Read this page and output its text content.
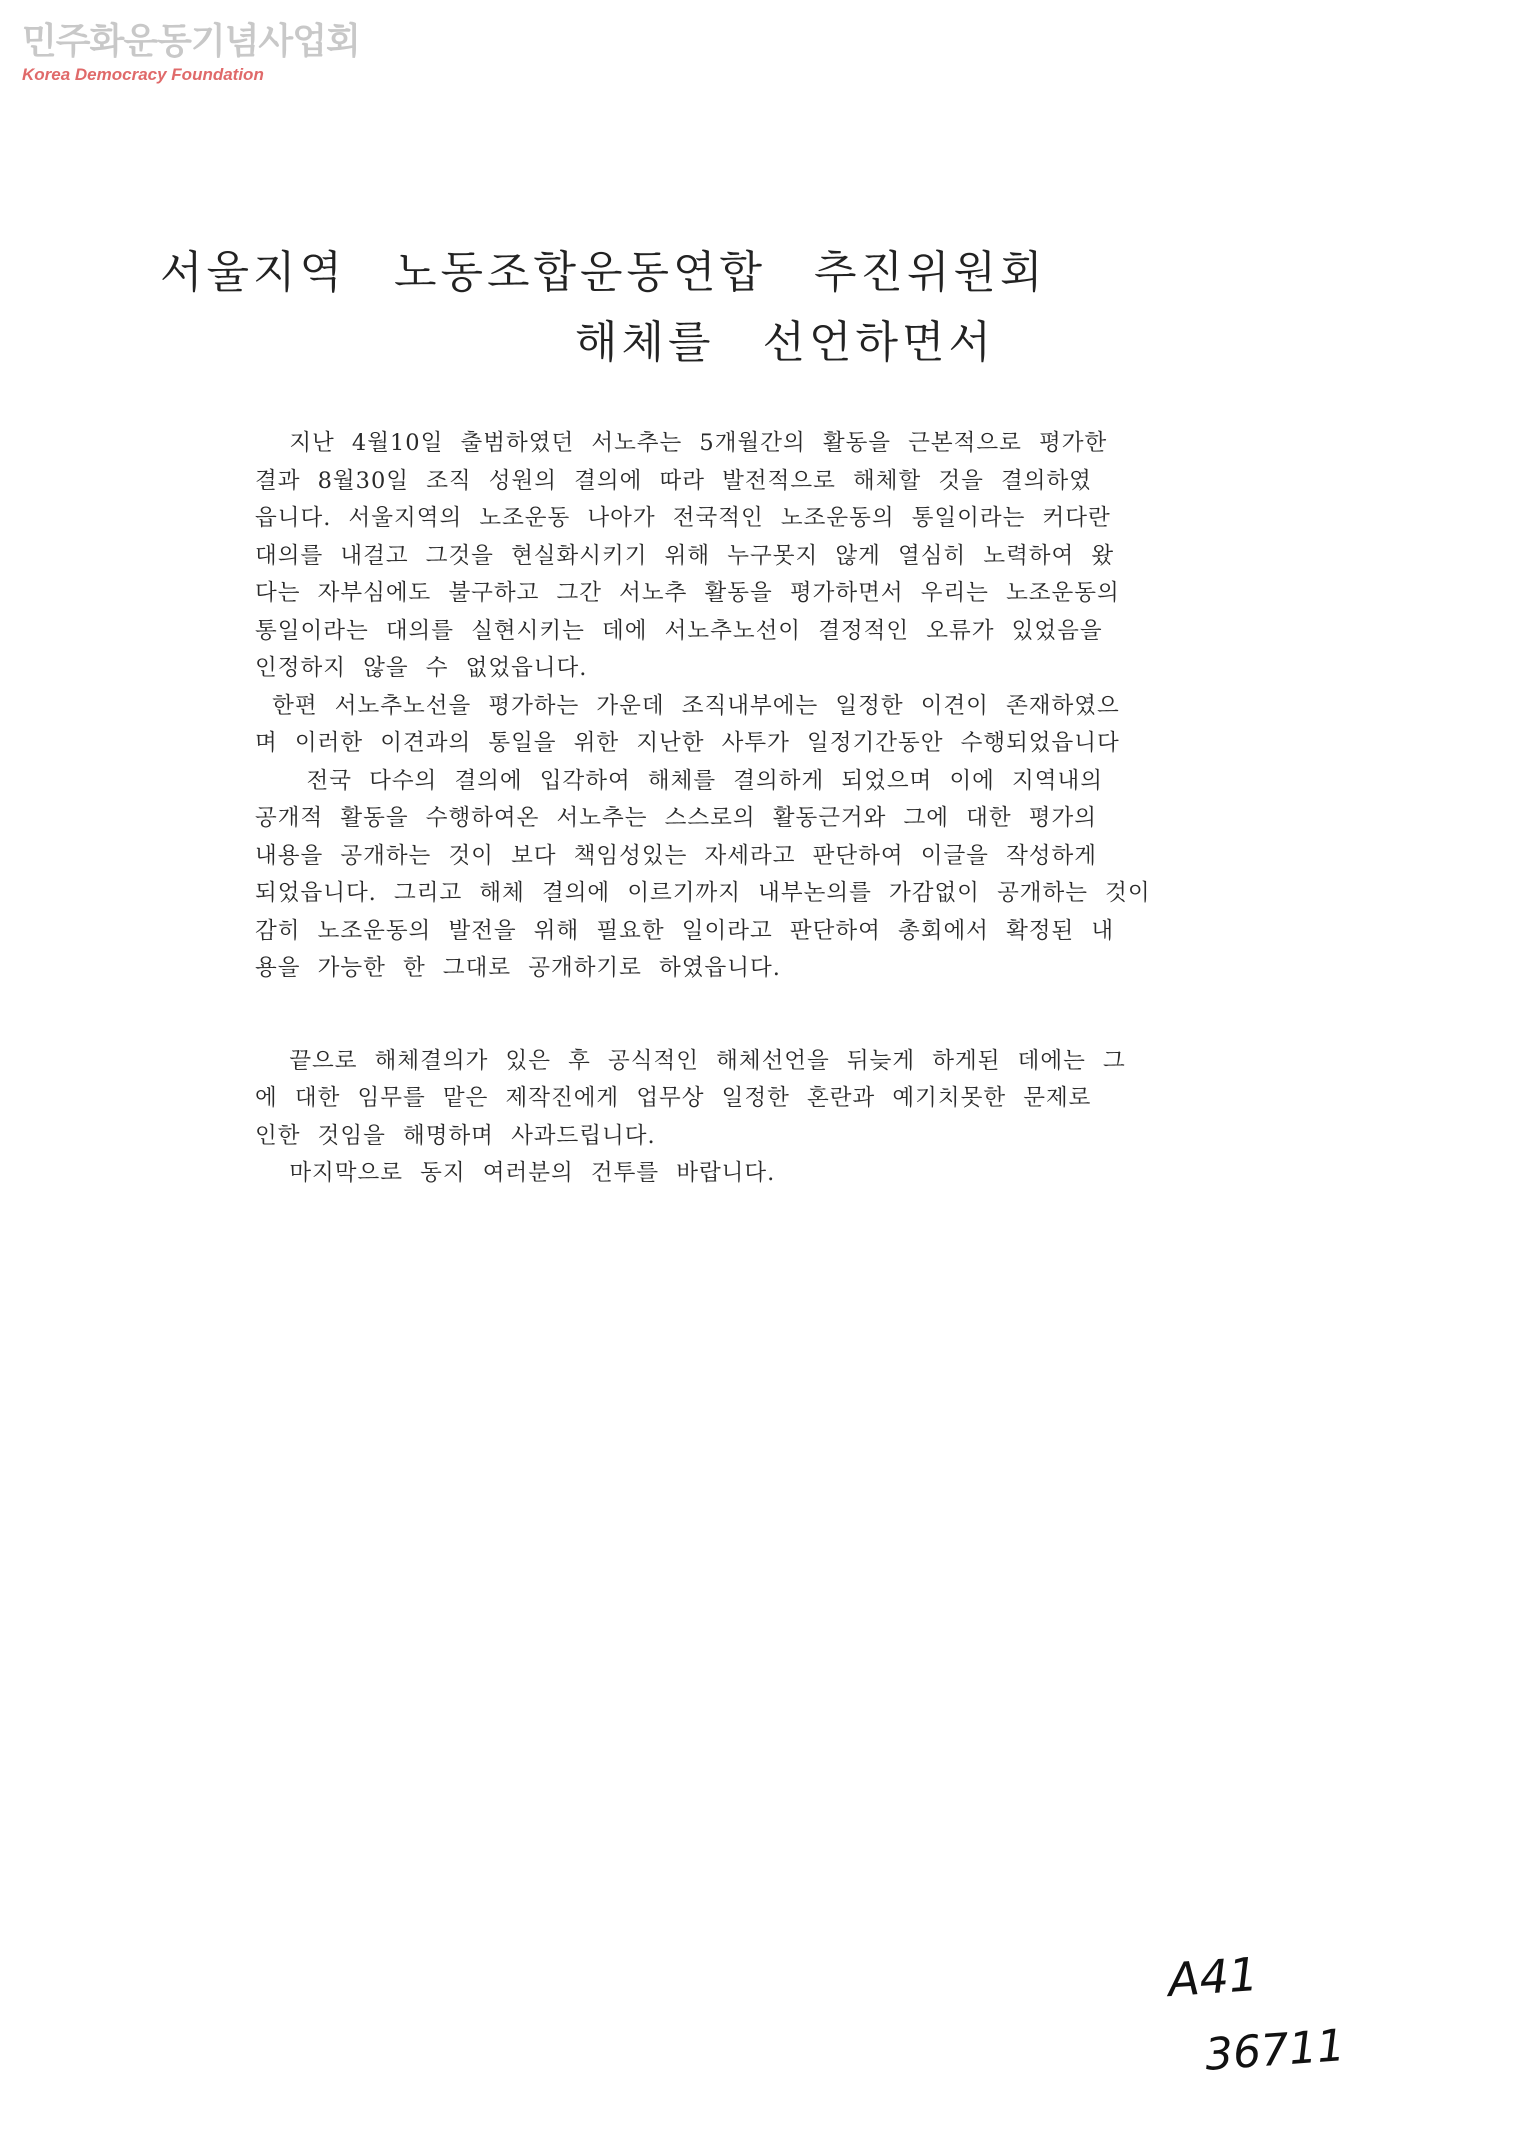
민주화운동기념사업회
Korea Democracy Foundation
서울지역 노동조합운동연합 추진위원회
해체를 선언하면서

지난 4월10일 출범하였던 서노추는 5개월간의 활동을 근본적으로 평가한
결과 8월30일 조직 성원의 결의에 따라 발전적으로 해체할 것을 결의하였
읍니다. 서울지역의 노조운동 나아가 전국적인 노조운동의 통일이라는 커다란
대의를 내걸고 그것을 현실화시키기 위해 누구못지 않게 열심히 노력하여 왔
다는 자부심에도 불구하고 그간 서노추 활동을 평가하면서 우리는 노조운동의
통일이라는 대의를 실현시키는 데에 서노추노선이 결정적인 오류가 있었음을
인정하지 않을 수 없었읍니다.

한편 서노추노선을 평가하는 가운데 조직내부에는 일정한 이견이 존재하였으
며 이러한 이견과의 통일을 위한 지난한 사투가 일정기간동안 수행되었읍니다
전국 다수의 결의에 입각하여 해체를 결의하게 되었으며 이에 지역내의
공개적 활동을 수행하여온 서노추는 스스로의 활동근거와 그에 대한 평가의
내용을 공개하는 것이 보다 책임성있는 자세라고 판단하여 이글을 작성하게
되었읍니다. 그리고 해체 결의에 이르기까지 내부논의를 가감없이 공개하는 것이
감히 노조운동의 발전을 위해 필요한 일이라고 판단하여 총회에서 확정된 내
용을 가능한 한 그대로 공개하기로 하였읍니다.

끝으로 해체결의가 있은 후 공식적인 해체선언을 뒤늦게 하게된 데에는 그
에 대한 임무를 맡은 제작진에게 업무상 일정한 혼란과 예기치못한 문제로
인한 것임을 해명하며 사과드립니다.
마지막으로 동지 여러분의 건투를 바랍니다.

A41
36711
